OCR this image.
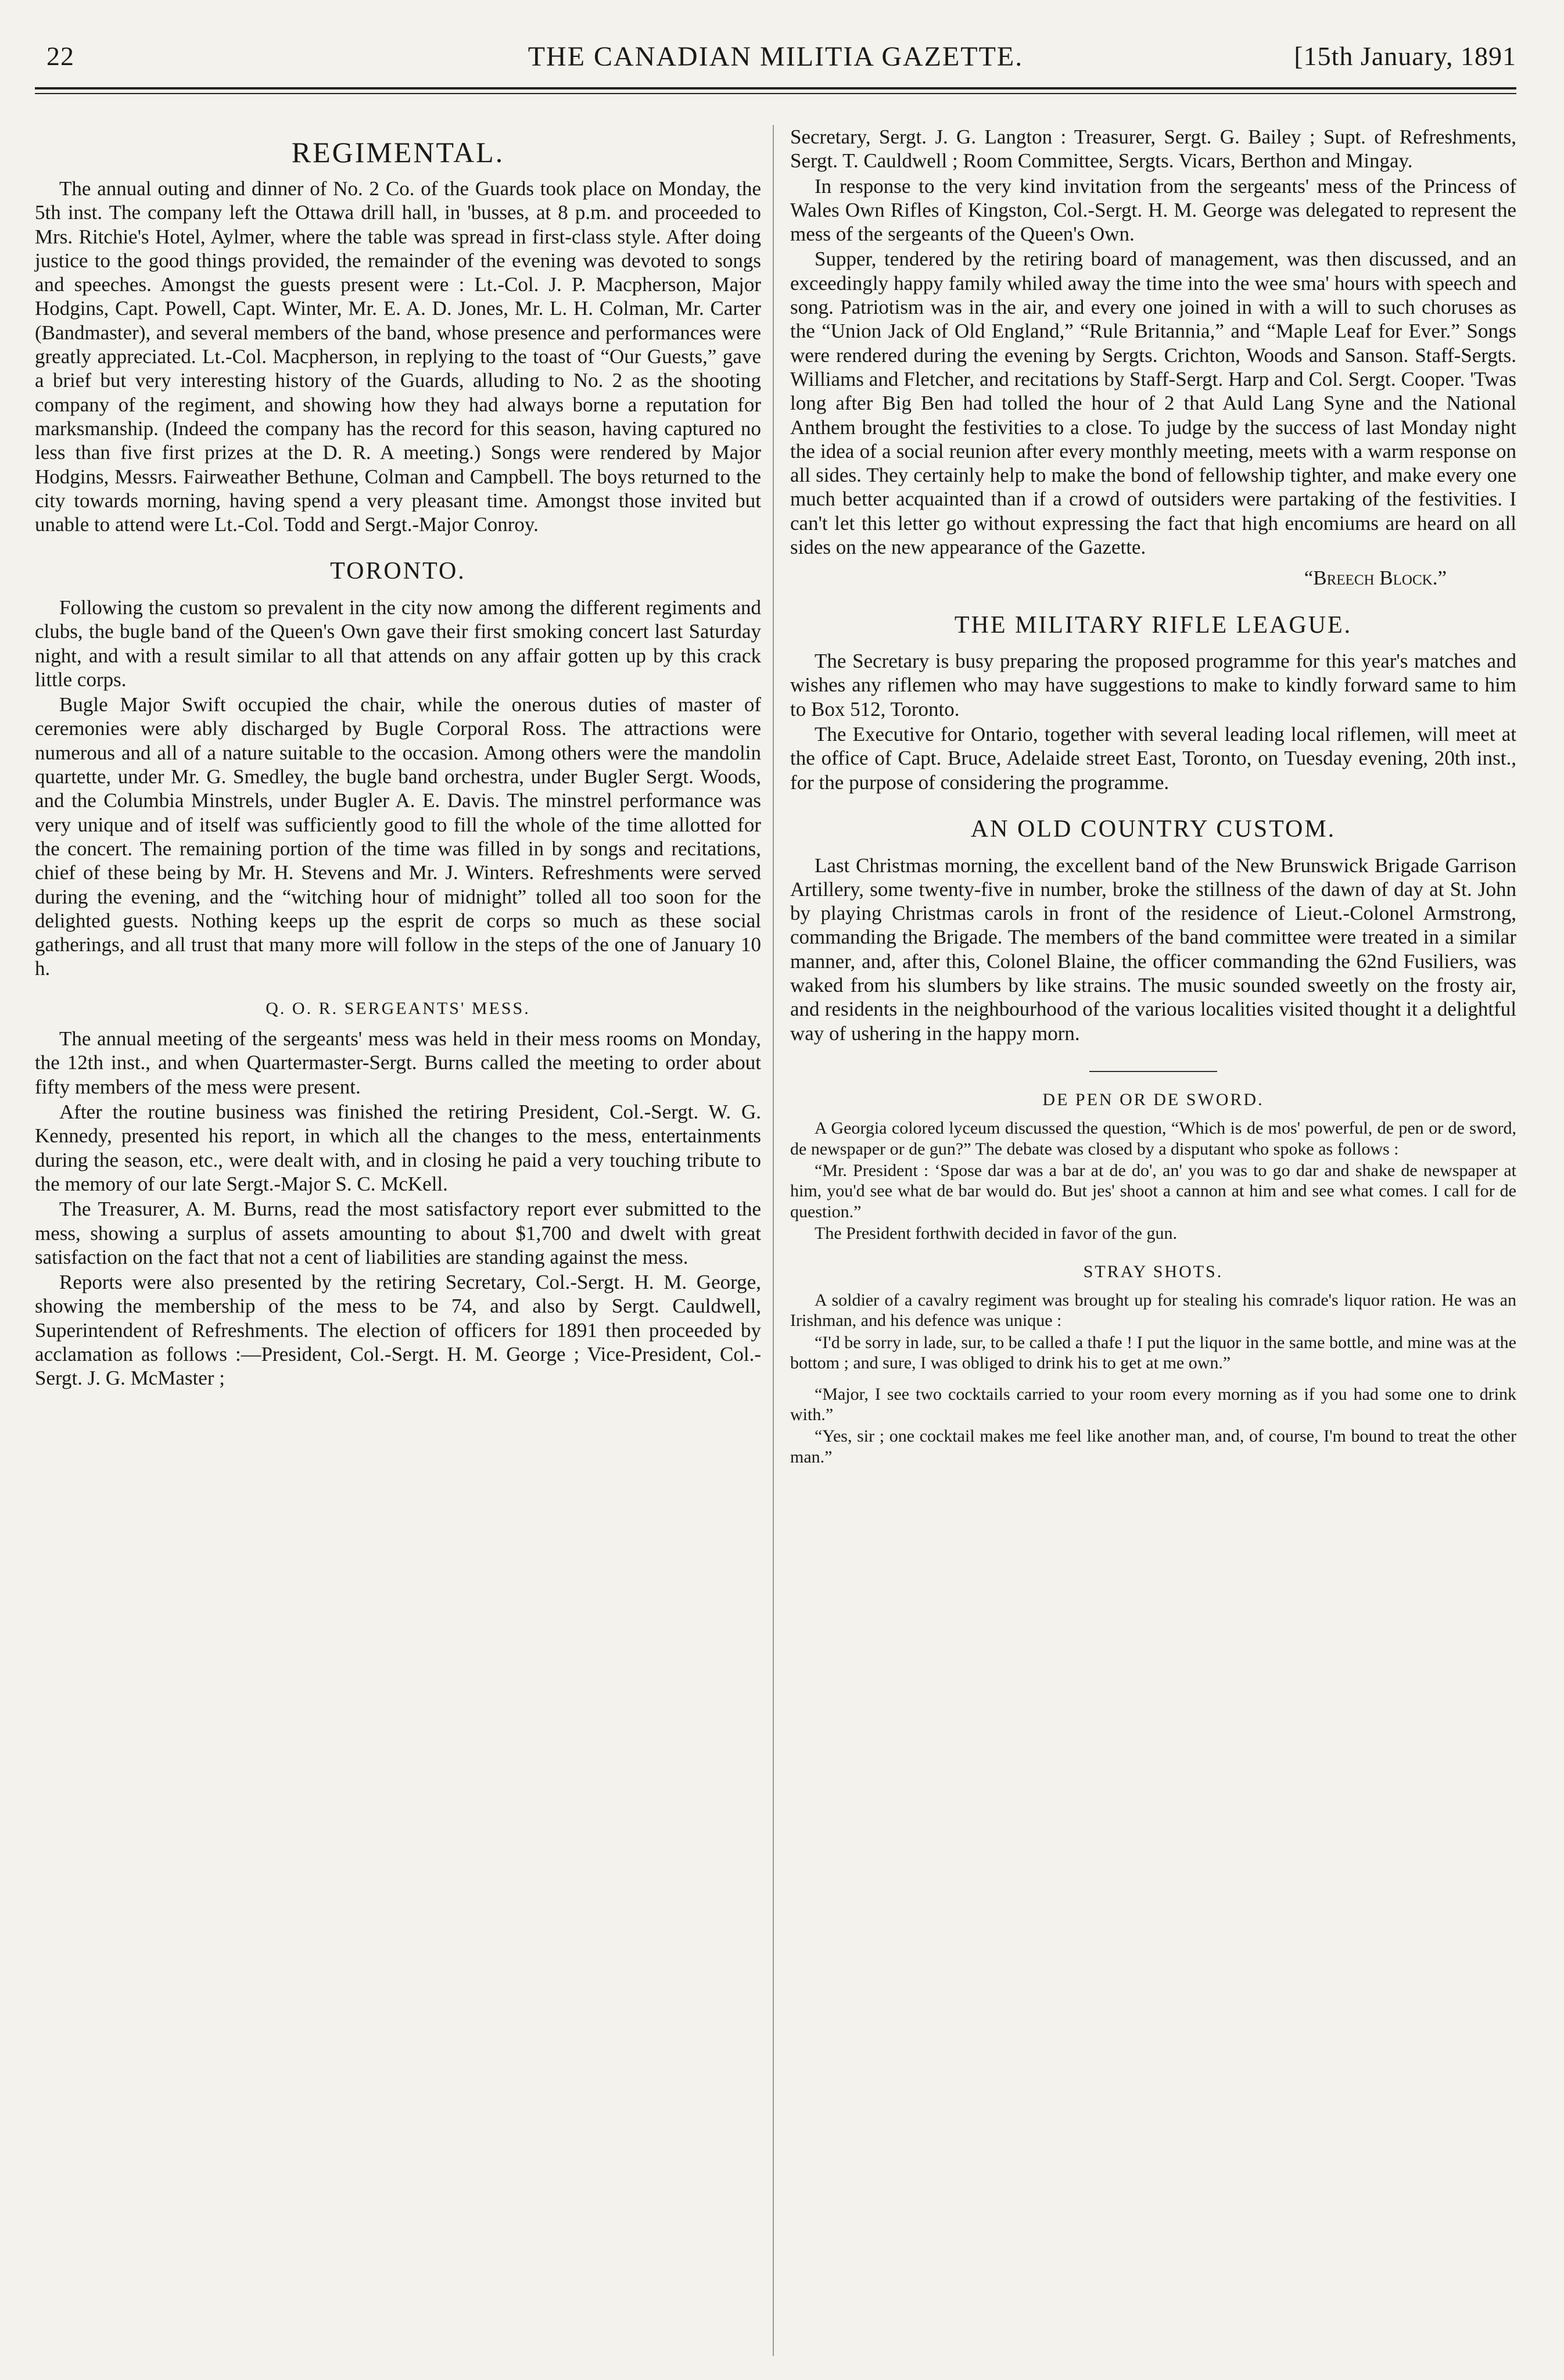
22	THE CANADIAN MILITIA GAZETTE.	[15th January, 1891
REGIMENTAL.

The annual outing and dinner of No. 2 Co. of the Guards took place on Monday, the 5th inst. The company left the Ottawa drill hall, in 'busses, at 8 p.m. and proceeded to Mrs. Ritchie's Hotel, Aylmer, where the table was spread in first-class style. After doing justice to the good things provided, the remainder of the evening was devoted to songs and speeches. Amongst the guests present were : Lt.-Col. J. P. Macpherson, Major Hodgins, Capt. Powell, Capt. Winter, Mr. E. A. D. Jones, Mr. L. H. Colman, Mr. Carter (Bandmaster), and several members of the band, whose presence and performances were greatly appreciated. Lt.-Col. Macpherson, in replying to the toast of “Our Guests,” gave a brief but very interesting history of the Guards, alluding to No. 2 as the shooting company of the regiment, and showing how they had always borne a reputation for marksmanship. (Indeed the company has the record for this season, having captured no less than five first prizes at the D. R. A meeting.) Songs were rendered by Major Hodgins, Messrs. Fairweather Bethune, Colman and Campbell. The boys returned to the city towards morning, having spend a very pleasant time. Amongst those invited but unable to attend were Lt.-Col. Todd and Sergt.-Major Conroy.

TORONTO.

Following the custom so prevalent in the city now among the different regiments and clubs, the bugle band of the Queen's Own gave their first smoking concert last Saturday night, and with a result similar to all that attends on any affair gotten up by this crack little corps.

Bugle Major Swift occupied the chair, while the onerous duties of master of ceremonies were ably discharged by Bugle Corporal Ross. The attractions were numerous and all of a nature suitable to the occasion. Among others were the mandolin quartette, under Mr. G. Smedley, the bugle band orchestra, under Bugler Sergt. Woods, and the Columbia Minstrels, under Bugler A. E. Davis. The minstrel performance was very unique and of itself was sufficiently good to fill the whole of the time allotted for the concert. The remaining portion of the time was filled in by songs and recitations, chief of these being by Mr. H. Stevens and Mr. J. Winters. Refreshments were served during the evening, and the “witching hour of midnight” tolled all too soon for the delighted guests. Nothing keeps up the esprit de corps so much as these social gatherings, and all trust that many more will follow in the steps of the one of January 10 h.

Q. O. R. SERGEANTS' MESS.

The annual meeting of the sergeants' mess was held in their mess rooms on Monday, the 12th inst., and when Quartermaster-Sergt. Burns called the meeting to order about fifty members of the mess were present.

After the routine business was finished the retiring President, Col.-Sergt. W. G. Kennedy, presented his report, in which all the changes to the mess, entertainments during the season, etc., were dealt with, and in closing he paid a very touching tribute to the memory of our late Sergt.-Major S. C. McKell.

The Treasurer, A. M. Burns, read the most satisfactory report ever submitted to the mess, showing a surplus of assets amounting to about $1,700 and dwelt with great satisfaction on the fact that not a cent of liabilities are standing against the mess.

Reports were also presented by the retiring Secretary, Col.-Sergt. H. M. George, showing the membership of the mess to be 74, and also by Sergt. Cauldwell, Superintendent of Refreshments. The election of officers for 1891 then proceeded by acclamation as follows :—President, Col.-Sergt. H. M. George ; Vice-President, Col.-Sergt. J. G. McMaster ;

Secretary, Sergt. J. G. Langton : Treasurer, Sergt. G. Bailey ; Supt. of Refreshments, Sergt. T. Cauldwell ; Room Committee, Sergts. Vicars, Berthon and Mingay.

In response to the very kind invitation from the sergeants' mess of the Princess of Wales Own Rifles of Kingston, Col.-Sergt. H. M. George was delegated to represent the mess of the sergeants of the Queen's Own.

Supper, tendered by the retiring board of management, was then discussed, and an exceedingly happy family whiled away the time into the wee sma' hours with speech and song. Patriotism was in the air, and every one joined in with a will to such choruses as the “Union Jack of Old England,” “Rule Britannia,” and “Maple Leaf for Ever.” Songs were rendered during the evening by Sergts. Crichton, Woods and Sanson. Staff-Sergts. Williams and Fletcher, and recitations by Staff-Sergt. Harp and Col. Sergt. Cooper. 'Twas long after Big Ben had tolled the hour of 2 that Auld Lang Syne and the National Anthem brought the festivities to a close. To judge by the success of last Monday night the idea of a social reunion after every monthly meeting, meets with a warm response on all sides. They certainly help to make the bond of fellowship tighter, and make every one much better acquainted than if a crowd of outsiders were partaking of the festivities. I can't let this letter go without expressing the fact that high encomiums are heard on all sides on the new appearance of the Gazette.

“Breech Block.”
THE MILITARY RIFLE LEAGUE.

The Secretary is busy preparing the proposed programme for this year's matches and wishes any riflemen who may have suggestions to make to kindly forward same to him to Box 512, Toronto.

The Executive for Ontario, together with several leading local riflemen, will meet at the office of Capt. Bruce, Adelaide street East, Toronto, on Tuesday evening, 20th inst., for the purpose of considering the programme.

AN OLD COUNTRY CUSTOM.

Last Christmas morning, the excellent band of the New Brunswick Brigade Garrison Artillery, some twenty-five in number, broke the stillness of the dawn of day at St. John by playing Christmas carols in front of the residence of Lieut.-Colonel Armstrong, commanding the Brigade. The members of the band committee were treated in a similar manner, and, after this, Colonel Blaine, the officer commanding the 62nd Fusiliers, was waked from his slumbers by like strains. The music sounded sweetly on the frosty air, and residents in the neighbourhood of the various localities visited thought it a delightful way of ushering in the happy morn.

DE PEN OR DE SWORD.

A Georgia colored lyceum discussed the question, “Which is de mos' powerful, de pen or de sword, de newspaper or de gun?” The debate was closed by a disputant who spoke as follows :

“Mr. President : ‘Spose dar was a bar at de do', an' you was to go dar and shake de newspaper at him, you'd see what de bar would do. But jes' shoot a cannon at him and see what comes. I call for de question.”

The President forthwith decided in favor of the gun.

STRAY SHOTS.

A soldier of a cavalry regiment was brought up for stealing his comrade's liquor ration. He was an Irishman, and his defence was unique :

“I'd be sorry in lade, sur, to be called a thafe ! I put the liquor in the same bottle, and mine was at the bottom ; and sure, I was obliged to drink his to get at me own.”

“Major, I see two cocktails carried to your room every morning as if you had some one to drink with.”

“Yes, sir ; one cocktail makes me feel like another man, and, of course, I'm bound to treat the other man.”
